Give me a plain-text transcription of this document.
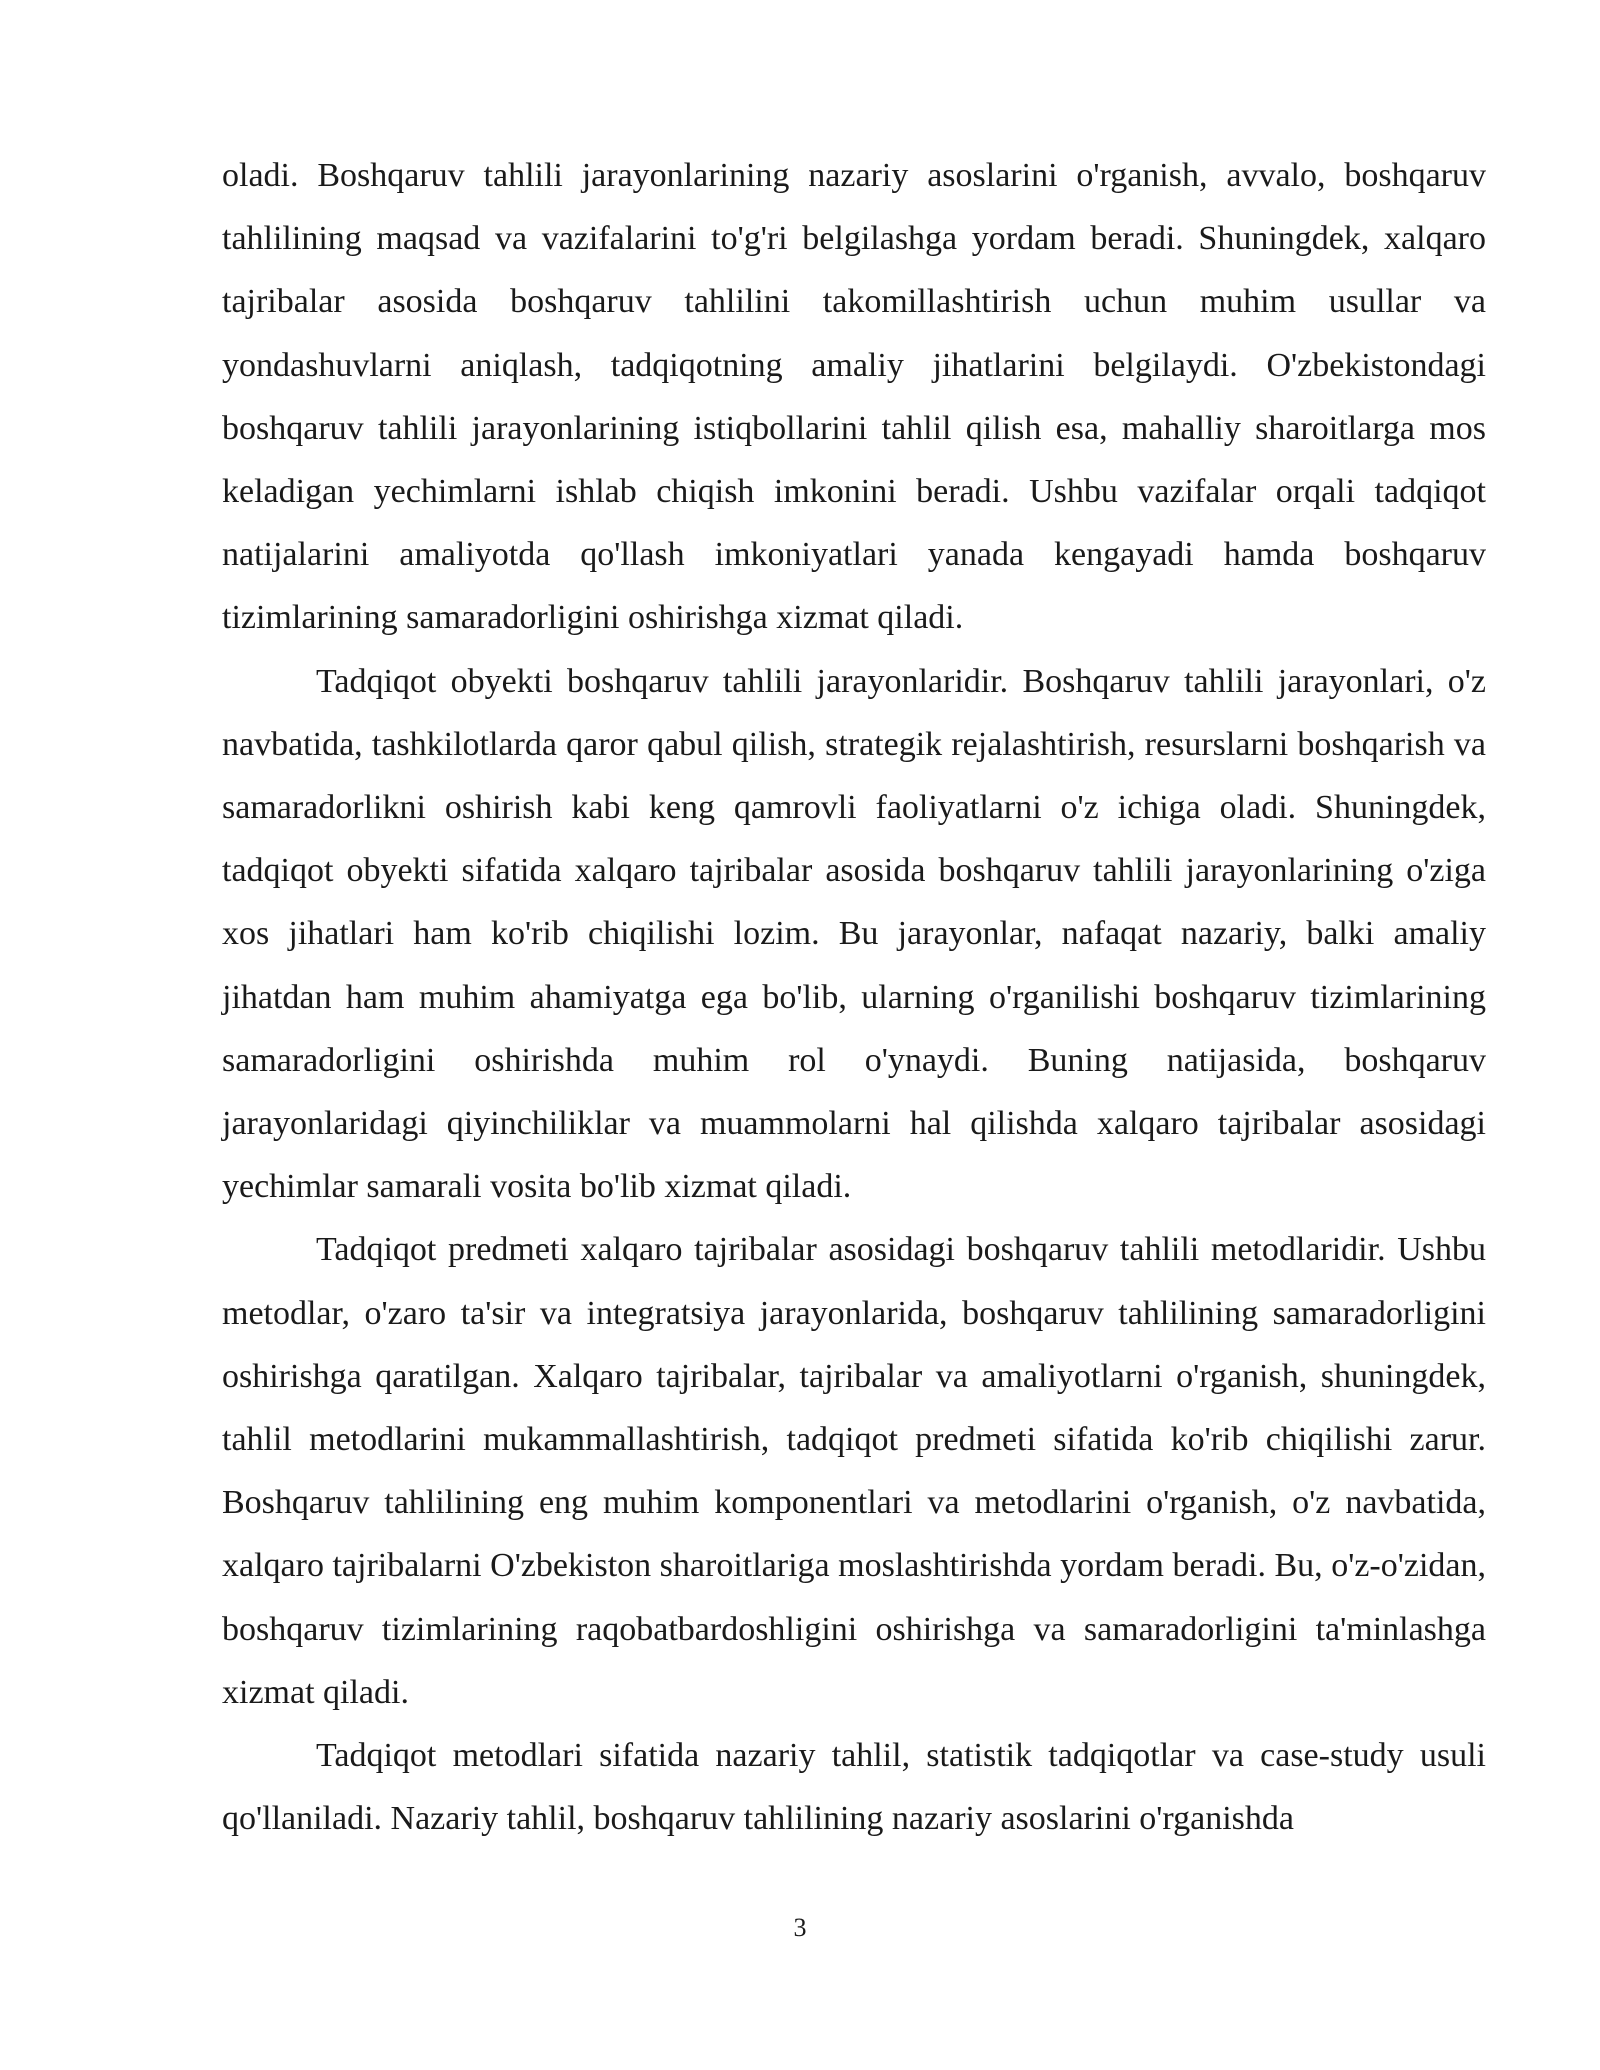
oladi. Boshqaruv tahlili jarayonlarining nazariy asoslarini o'rganish, avvalo, boshqaruv tahlilining maqsad va vazifalarini to'g'ri belgilashga yordam beradi. Shuningdek, xalqaro tajribalar asosida boshqaruv tahlilini takomillashtirish uchun muhim usullar va yondashuvlarni aniqlash, tadqiqotning amaliy jihatlarini belgilaydi. O'zbekistondagi boshqaruv tahlili jarayonlarining istiqbollarini tahlil qilish esa, mahalliy sharoitlarga mos keladigan yechimlarni ishlab chiqish imkonini beradi. Ushbu vazifalar orqali tadqiqot natijalarini amaliyotda qo'llash imkoniyatlari yanada kengayadi hamda boshqaruv tizimlarining samaradorligini oshirishga xizmat qiladi.

Tadqiqot obyekti boshqaruv tahlili jarayonlaridir. Boshqaruv tahlili jarayonlari, o'z navbatida, tashkilotlarda qaror qabul qilish, strategik rejalashtirish, resurslarni boshqarish va samaradorlikni oshirish kabi keng qamrovli faoliyatlarni o'z ichiga oladi. Shuningdek, tadqiqot obyekti sifatida xalqaro tajribalar asosida boshqaruv tahlili jarayonlarining o'ziga xos jihatlari ham ko'rib chiqilishi lozim. Bu jarayonlar, nafaqat nazariy, balki amaliy jihatdan ham muhim ahamiyatga ega bo'lib, ularning o'rganilishi boshqaruv tizimlarining samaradorligini oshirishda muhim rol o'ynaydi. Buning natijasida, boshqaruv jarayonlaridagi qiyinchiliklar va muammolarni hal qilishda xalqaro tajribalar asosidagi yechimlar samarali vosita bo'lib xizmat qiladi.

Tadqiqot predmeti xalqaro tajribalar asosidagi boshqaruv tahlili metodlaridir. Ushbu metodlar, o'zaro ta'sir va integratsiya jarayonlarida, boshqaruv tahlilining samaradorligini oshirishga qaratilgan. Xalqaro tajribalar, tajribalar va amaliyotlarni o'rganish, shuningdek, tahlil metodlarini mukammallashtirish, tadqiqot predmeti sifatida ko'rib chiqilishi zarur. Boshqaruv tahlilining eng muhim komponentlari va metodlarini o'rganish, o'z navbatida, xalqaro tajribalarni O'zbekiston sharoitlariga moslashtirishda yordam beradi. Bu, o'z-o'zidan, boshqaruv tizimlarining raqobatbardoshligini oshirishga va samaradorligini ta'minlashga xizmat qiladi.

Tadqiqot metodlari sifatida nazariy tahlil, statistik tadqiqotlar va case-study usuli qo'llaniladi. Nazariy tahlil, boshqaruv tahlilining nazariy asoslarini o'rganishda

3
